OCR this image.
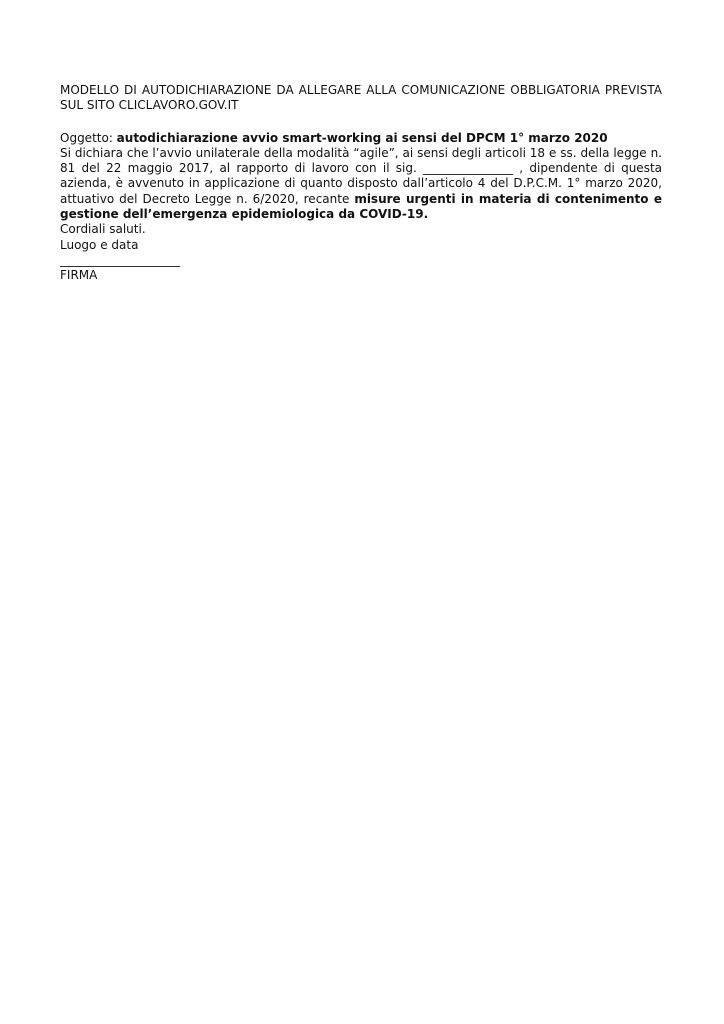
MODELLO DI AUTODICHIARAZIONE DA ALLEGARE ALLA COMUNICAZIONE OBBLIGATORIA PREVISTA SUL SITO CLICLAVORO.GOV.IT

Oggetto: autodichiarazione avvio smart-working ai sensi del DPCM 1° marzo 2020

Si dichiara che l’avvio unilaterale della modalità “agile”, ai sensi degli articoli 18 e ss. della legge n. 81 del 22 maggio 2017, al rapporto di lavoro con il sig. _______________ , dipendente di questa azienda, è avvenuto in applicazione di quanto disposto dall’articolo 4 del D.P.C.M. 1° marzo 2020, attuativo del Decreto Legge n. 6/2020, recante misure urgenti in materia di contenimento e gestione dell’emergenza epidemiologica da COVID-19.

Cordiali saluti.

Luogo e data

____________________

FIRMA
